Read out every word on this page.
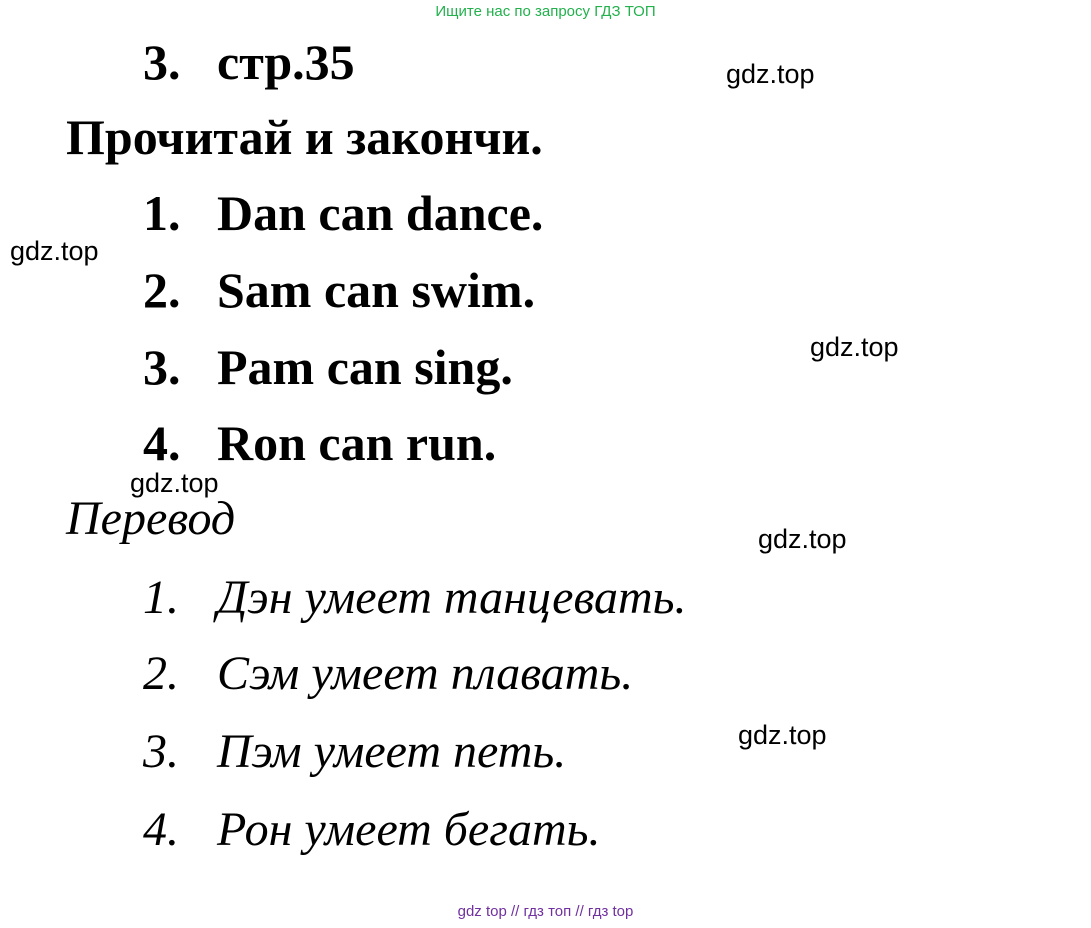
Ищите нас по запросу ГДЗ ТОП
3. стр.35
Прочитай и закончи.
1. Dan can dance.
2. Sam can swim.
3. Pam can sing.
4. Ron can run.
Перевод
1. Дэн умеет танцевать.
2. Сэм умеет плавать.
3. Пэм умеет петь.
4. Рон умеет бегать.
gdz.top
gdz.top
gdz.top
gdz.top
gdz.top
gdz.top
gdz top // гдз топ // гдз top
